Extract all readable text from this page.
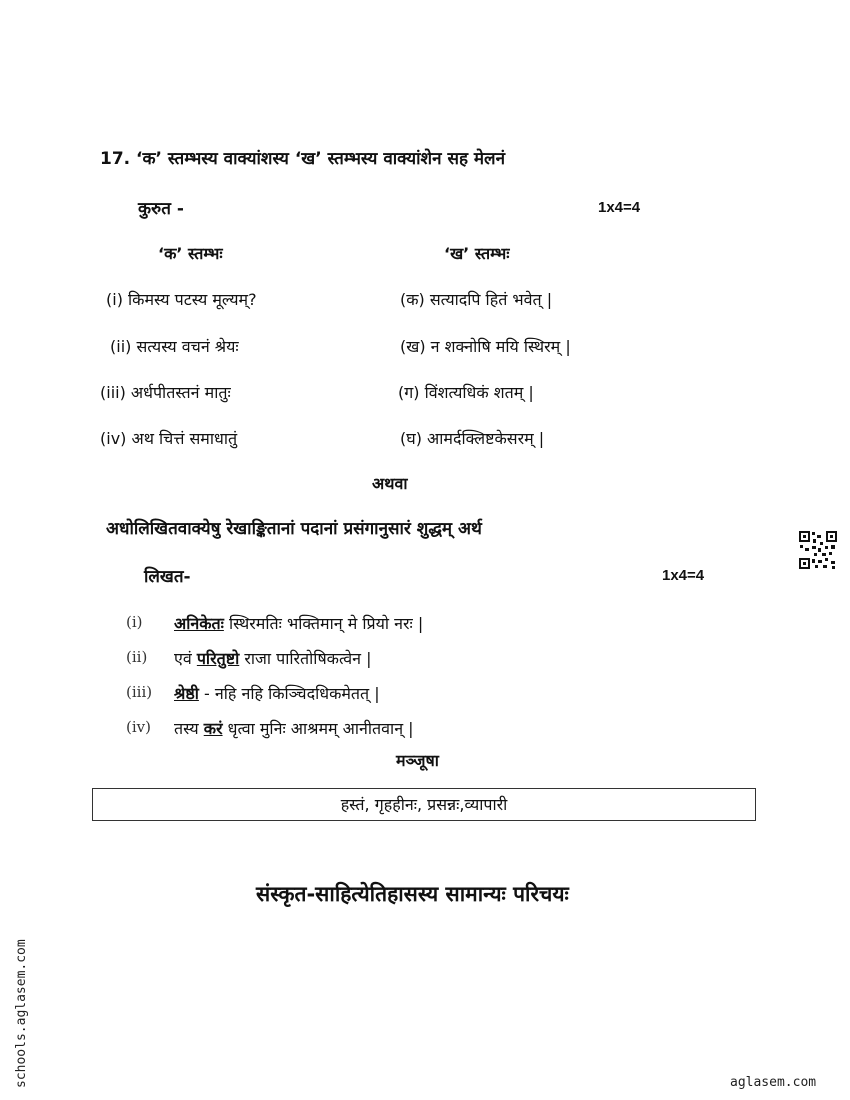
17. ‘क’ स्तम्भस्य वाक्यांशस्य ‘ख’ स्तम्भस्य वाक्यांशेन सह मेलनं
कुरुत -	1x4=4
‘क’ स्तम्भः	‘ख’ स्तम्भः
(i) किमस्य पटस्य मूल्यम्?	(क) सत्यादपि हितं भवेत् |
(ii) सत्यस्य वचनं श्रेयः	(ख) न शक्नोषि मयि स्थिरम् |
(iii) अर्धपीतस्तनं मातुः	(ग) विंशत्यधिकं शतम् |
(iv) अथ चित्तं समाधातुं	(घ) आमर्दक्लिष्टकेसरम् |
अथवा
अधोलिखितवाक्येषु रेखाङ्कितानां पदानां प्रसंगानुसारं शुद्धम् अर्थ
लिखत-	1x4=4
(i) अनिकेतः स्थिरमतिः भक्तिमान् मे प्रियो नरः |
(ii) एवं परितुष्टो राजा पारितोषिकत्वेन |
(iii) श्रेष्ठी - नहि नहि किञ्चिदधिकमेतत् |
(iv) तस्य करं धृत्वा मुनिः आश्रमम् आनीतवान् |
मञ्जूषा
हस्तं, गृहहीनः, प्रसन्नः,व्यापारी
संस्कृत-साहित्येतिहासस्य सामान्यः परिचयः
schools.aglasem.com	aglasem.com
